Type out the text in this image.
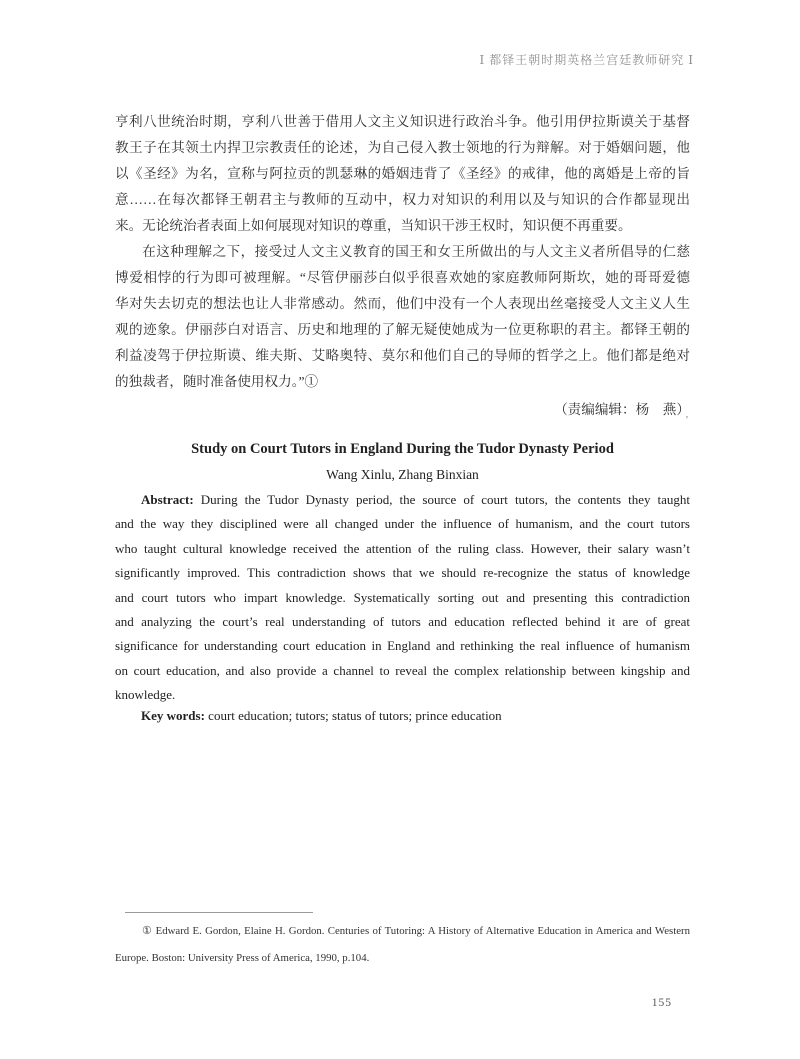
Ⅰ 都铎王朝时期英格兰宫廷教师研究 Ⅰ
亨利八世统治时期，亨利八世善于借用人文主义知识进行政治斗争。他引用伊拉斯谟关于基督
教王子在其领土内捍卫宗教责任的论述，为自己侵入教士领地的行为辩解。对于婚姻问题，他
以《圣经》为名，宣称与阿拉贡的凯瑟琳的婚姻违背了《圣经》的戒律，他的离婚是上帝的旨
意……在每次都铎王朝君主与教师的互动中，权力对知识的利用以及与知识的合作都显现出
来。无论统治者表面上如何展现对知识的尊重，当知识干涉王权时，知识便不再重要。
在这种理解之下，接受过人文主义教育的国王和女王所做出的与人文主义者所倡导的仁慈
博爱相悖的行为即可被理解。“尽管伊丽莎白似乎很喜欢她的家庭教师阿斯坎，她的哥哥爱德
华对失去切克的想法也让人非常感动。然而，他们中没有一个人表现出丝毫接受人文主义人生
观的迹象。伊丽莎白对语言、历史和地理的了解无疑使她成为一位更称职的君主。都铎王朝的
利益凌驾于伊拉斯谟、维夫斯、艾略奥特、莫尔和他们自己的导师的哲学之上。他们都是绝对
的独裁者，随时准备使用权力。”①
（责编编辑：杨　燕）
'
Study on Court Tutors in England During the Tudor Dynasty Period
Wang Xinlu, Zhang Binxian
Abstract: During the Tudor Dynasty period, the source of court tutors, the contents they taught
and the way they disciplined were all changed under the influence of humanism, and the court tutors
who taught cultural knowledge received the attention of the ruling class. However, their salary wasn’t
significantly improved. This contradiction shows that we should re-recognize the status of knowledge
and court tutors who impart knowledge. Systematically sorting out and presenting this contradiction
and analyzing the court’s real understanding of tutors and education reflected behind it are of great
significance for understanding court education in England and rethinking the real influence of humanism
on court education, and also provide a channel to reveal the complex relationship between kingship and
knowledge.
Key words: court education; tutors; status of tutors; prince education
① Edward E. Gordon, Elaine H. Gordon. Centuries of Tutoring: A History of Alternative Education in America and Western
Europe. Boston: University Press of America, 1990, p.104.
155
